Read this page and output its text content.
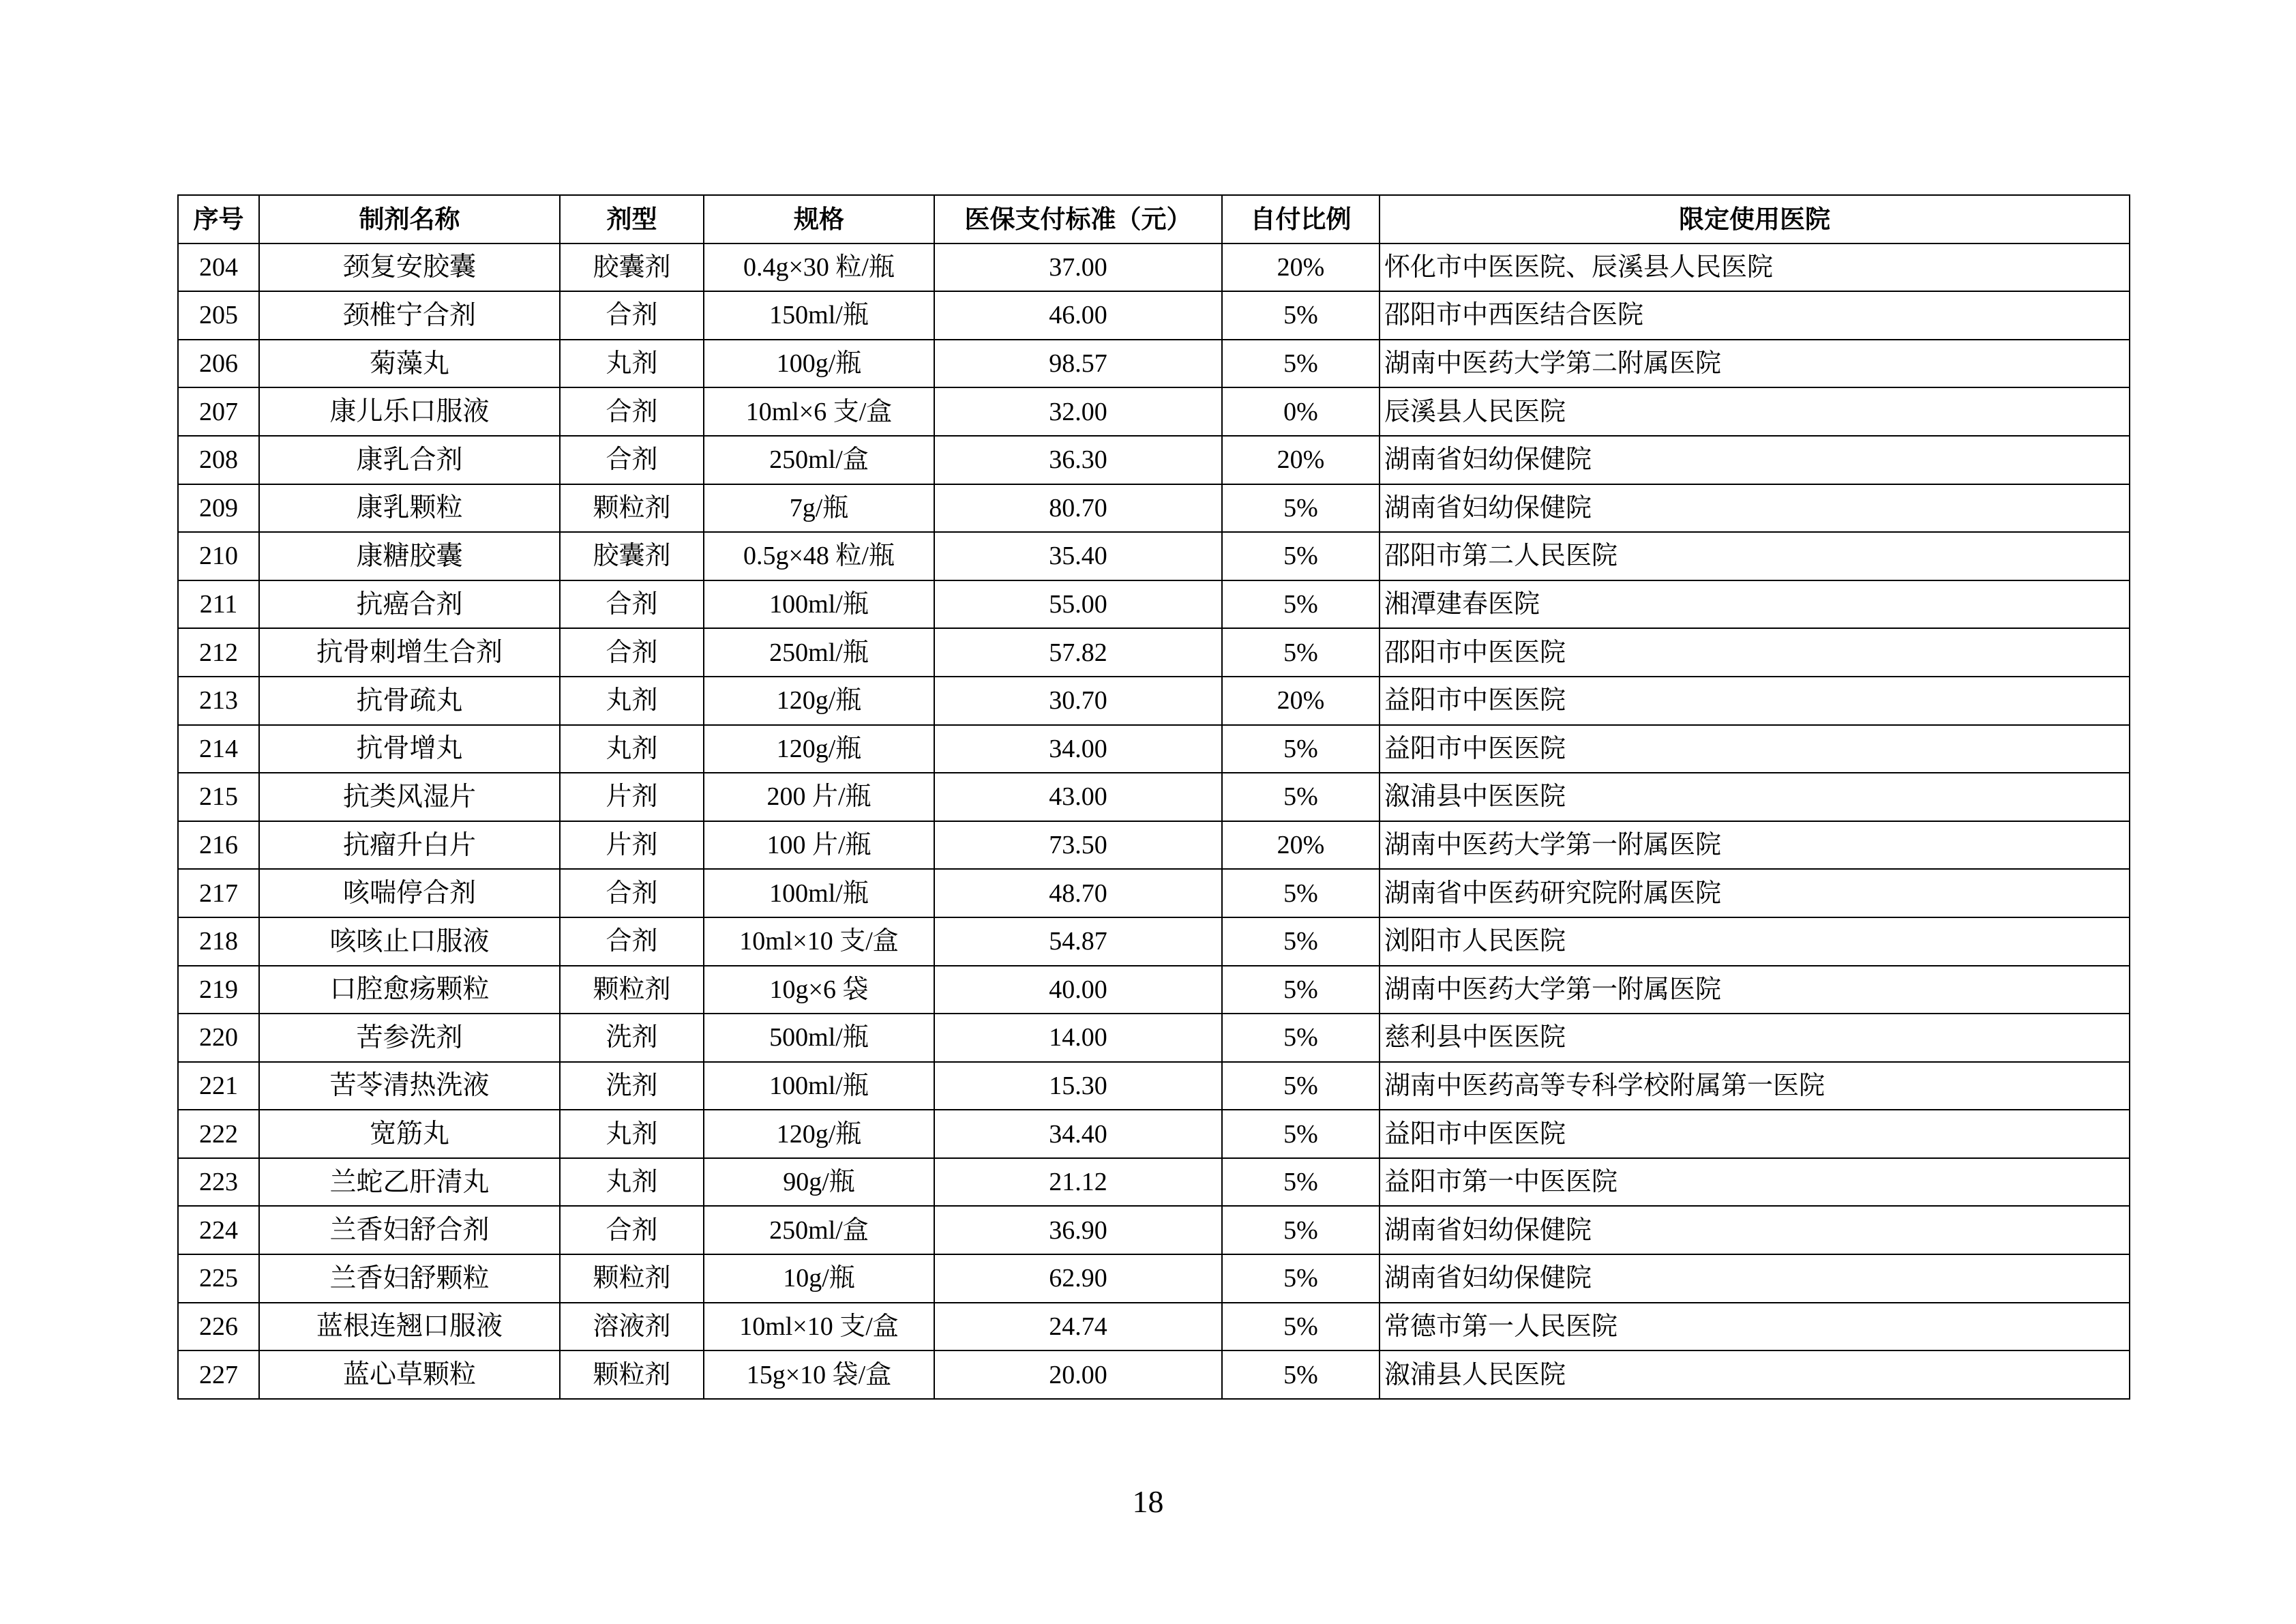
序号	制剂名称	剂型	规格	医保支付标准（元）	自付比例	限定使用医院
204	颈复安胶囊	胶囊剂	0.4g×30 粒/瓶	37.00	20%	怀化市中医医院、辰溪县人民医院
205	颈椎宁合剂	合剂	150ml/瓶	46.00	5%	邵阳市中西医结合医院
206	菊藻丸	丸剂	100g/瓶	98.57	5%	湖南中医药大学第二附属医院
207	康儿乐口服液	合剂	10ml×6 支/盒	32.00	0%	辰溪县人民医院
208	康乳合剂	合剂	250ml/盒	36.30	20%	湖南省妇幼保健院
209	康乳颗粒	颗粒剂	7g/瓶	80.70	5%	湖南省妇幼保健院
210	康糖胶囊	胶囊剂	0.5g×48 粒/瓶	35.40	5%	邵阳市第二人民医院
211	抗癌合剂	合剂	100ml/瓶	55.00	5%	湘潭建春医院
212	抗骨刺增生合剂	合剂	250ml/瓶	57.82	5%	邵阳市中医医院
213	抗骨疏丸	丸剂	120g/瓶	30.70	20%	益阳市中医医院
214	抗骨增丸	丸剂	120g/瓶	34.00	5%	益阳市中医医院
215	抗类风湿片	片剂	200 片/瓶	43.00	5%	溆浦县中医医院
216	抗瘤升白片	片剂	100 片/瓶	73.50	20%	湖南中医药大学第一附属医院
217	咳喘停合剂	合剂	100ml/瓶	48.70	5%	湖南省中医药研究院附属医院
218	咳咳止口服液	合剂	10ml×10 支/盒	54.87	5%	浏阳市人民医院
219	口腔愈疡颗粒	颗粒剂	10g×6 袋	40.00	5%	湖南中医药大学第一附属医院
220	苦参洗剂	洗剂	500ml/瓶	14.00	5%	慈利县中医医院
221	苦苓清热洗液	洗剂	100ml/瓶	15.30	5%	湖南中医药高等专科学校附属第一医院
222	宽筋丸	丸剂	120g/瓶	34.40	5%	益阳市中医医院
223	兰蛇乙肝清丸	丸剂	90g/瓶	21.12	5%	益阳市第一中医医院
224	兰香妇舒合剂	合剂	250ml/盒	36.90	5%	湖南省妇幼保健院
225	兰香妇舒颗粒	颗粒剂	10g/瓶	62.90	5%	湖南省妇幼保健院
226	蓝根连翘口服液	溶液剂	10ml×10 支/盒	24.74	5%	常德市第一人民医院
227	蓝心草颗粒	颗粒剂	15g×10 袋/盒	20.00	5%	溆浦县人民医院
18
